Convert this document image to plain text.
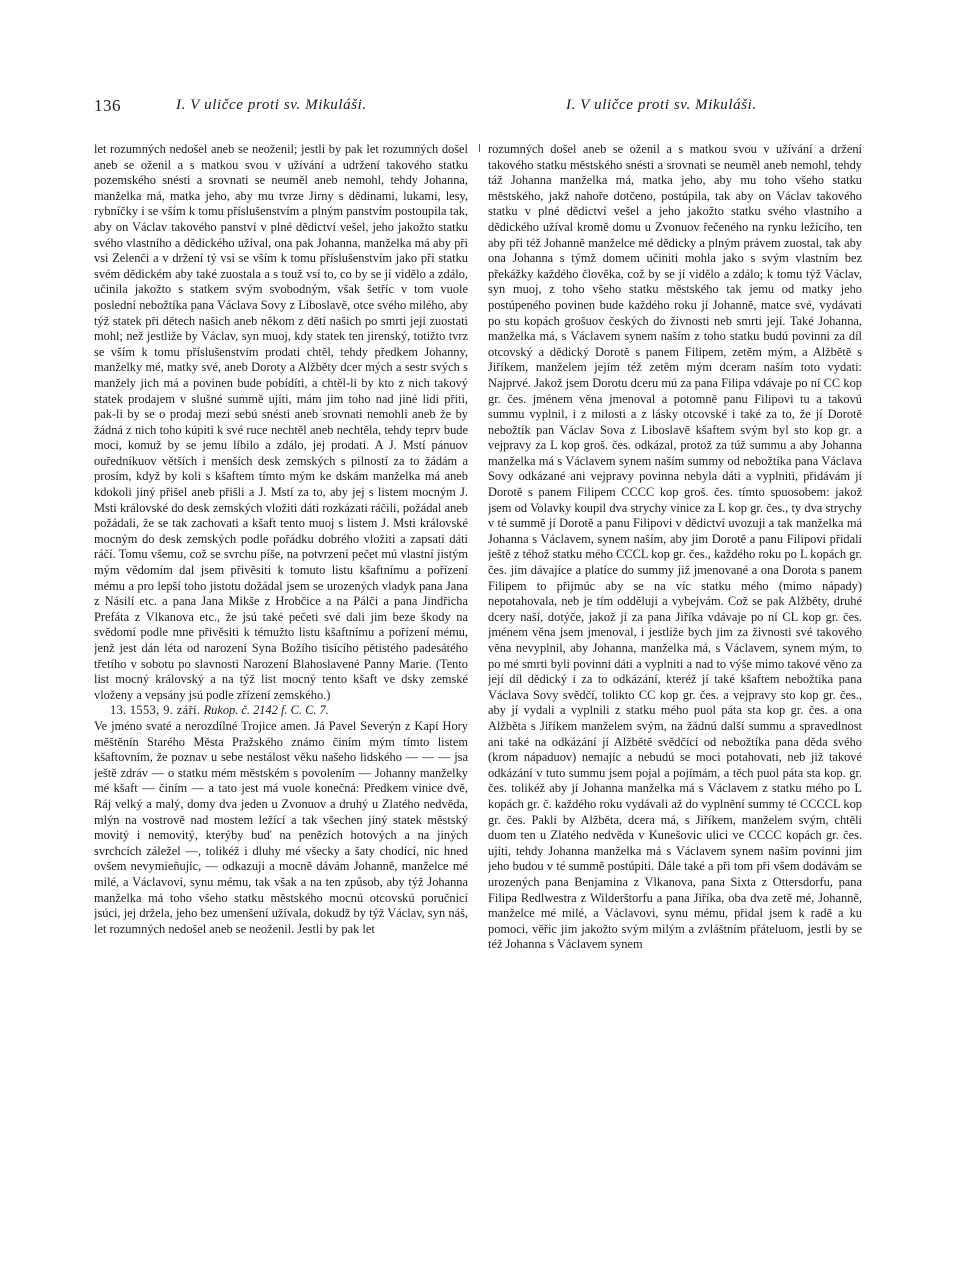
136	I. V uličce proti sv. Mikuláši.	I. V uličce proti sv. Mikuláši.

let rozumných nedošel aneb se neoženil; jestli by pak let rozumných došel aneb se oženil a s matkou svou v užívání a udržení takového statku pozemského snésti a srovnati se neuměl aneb nemohl, tehdy Johanna, manželka má, matka jeho, aby mu tvrze Jirny s dědinami, lukami, lesy, rybníčky i se vším k tomu příslušenstvím a plným panstvím postoupila tak, aby on Václav takového panství v plné dědictví vešel, jeho jakožto statku svého vlastního a dědického užíval, ona pak Johanna, manželka má aby při vsi Zelenči a v držení tý vsi se vším k tomu příslušenstvím jako při statku svém dědickém aby také zuostala a s touž vsí to, co by se jí vidělo a zdálo, učinila jakožto s statkem svým svobodným, však šetříc v tom vuole poslední nebožtíka pana Václava Sovy z Liboslavě, otce svého milého, aby týž statek při dětech našich aneb někom z dětí našich po smrti její zuostati mohl; než jestliže by Václav, syn muoj, kdy statek ten jirenský, totižto tvrz se vším k tomu příslušenstvím prodati chtěl, tehdy předkem Johanny, manželky mé, matky své, aneb Doroty a Alžběty dcer mých a sestr svých s manžely jich má a povinen bude pobídíti, a chtěl-li by kto z nich takový statek prodajem v slušné summě ujíti, mám jim toho nad jiné lidi přiti, pak-li by se o prodaj mezi sebú snésti aneb srovnati nemohli aneb že by žádná z nich toho kúpiti k své ruce nechtěl aneb nechtěla, tehdy teprv bude moci, komuž by se jemu líbilo a zdálo, jej prodati. A J. Mstí pánuov ouředníkuov větších i menších desk zemských s pilností za to žádám a prosím, když by koli s kšaftem tímto mým ke dskám manželka má aneb kdokoli jiný přišel aneb přišli a J. Mstí za to, aby jej s listem mocným J. Msti královské do desk zemských vložiti dáti rozkázati ráčili, požádal aneb požádali, že se tak zachovati a kšaft tento muoj s listem J. Msti královské mocným do desk zemských podle pořádku dobrého vložiti a zapsati dáti ráčí. Tomu všemu, což se svrchu píše, na potvrzení pečet mú vlastní jistým mým vědomím dal jsem přivěsiti k tomuto listu kšaftnímu a pořízení mému a pro lepší toho jistotu dožádal jsem se urozených vladyk pana Jana z Násilí etc. a pana Jana Mikše z Hrobčice a na Pálči a pana Jindřicha Prefáta z Vlkanova etc., že jsú také pečeti své dali jim beze škody na svědomí podle mne přivěsiti k témužto listu kšaftnímu a pořízení mému, jenž jest dán léta od narození Syna Božího tisícího pětistého padesátého třetího v sobotu po slavnosti Narození Blahoslavené Panny Marie. (Tento list mocný královský a na týž list mocný tento kšaft ve dsky zemské vloženy a vepsány jsú podle zřízení zemského.)

13. 1553, 9. září. Rukop. č. 2142 f. C. C. 7.

Ve jméno svaté a nerozdílné Trojice amen. Já Pavel Severýn z Kapí Hory měštěnín Starého Města Pražského známo činím mým tímto listem kšaftovním, že poznav u sebe nestálost věku našeho lidského — — — jsa ještě zdráv — o statku mém městském s povolením — Johanny manželky mé kšaft — činím — a tato jest má vuole konečná: Předkem vinice dvě, Ráj velký a malý, domy dva jeden u Zvonuov a druhý u Zlatého nedvěda, mlýn na vostrově nad mostem ležící a tak všechen jiný statek městský movitý i nemovitý, kterýby buď na penězích hotových a na jiných svrchcích záležel —, tolikéž i dluhy mé všecky a šaty chodící, nic hned ovšem nevymieňujíc, — odkazuji a mocně dávám Johanně, manželce mé milé, a Václavovi, synu mému, tak však a na ten způsob, aby týž Johanna manželka má toho všeho statku městského mocnú otcovskú poručnicí jsúci, jej držela, jeho bez umenšení užívala, dokudž by týž Václav, syn náš, let rozumných nedošel aneb se neoženil. Jestli by pak let

rozumných došel aneb se oženil a s matkou svou v užívání a držení takového statku městského snésti a srovnati se neuměl aneb nemohl, tehdy táž Johanna manželka má, matka jeho, aby mu toho všeho statku městského, jakž nahoře dotčeno, postúpila, tak aby on Václav takového statku v plné dědictví vešel a jeho jakožto statku svého vlastního a dědického užíval kromě domu u Zvonuov řečeného na rynku ležícího, ten aby při též Johanně manželce mé dědicky a plným právem zuostal, tak aby ona Johanna s týmž domem učiniti mohla jako s svým vlastním bez překážky každého člověka, což by se jí vidělo a zdálo; k tomu týž Václav, syn muoj, z toho všeho statku městského tak jemu od matky jeho postúpeného povinen bude každého roku jí Johanně, matce své, vydávati po stu kopách grošuov českých do živnosti neb smrti její. Také Johanna, manželka má, s Václavem synem naším z toho statku budú povinni za díl otcovský a dědický Dorotě s panem Filipem, zetěm mým, a Alžbětě s Jiříkem, manželem jejím též zetěm mým dceram naším toto vydati: Najprvé. Jakož jsem Dorotu dceru mú za pana Filipa vdávaje po ní CC kop gr. čes. jménem věna jmenoval a potomně panu Filipovi tu a takovú summu vyplnil, i z milosti a z lásky otcovské i také za to, že jí Dorotě nebožtík pan Václav Sova z Liboslavě kšaftem svým byl sto kop gr. a vejpravy za L kop groš. čes. odkázal, protož za túž summu a aby Johanna manželka má s Václavem synem naším summy od nebožtíka pana Václava Sovy odkázané ani vejpravy povinna nebyla dáti a vyplniti, přidávám jí Dorotě s panem Filipem CCCC kop groš. čes. tímto spuosobem: jakož jsem od Volavky koupil dva strychy vinice za L kop gr. čes., ty dva strychy v té summě jí Dorotě a panu Filipovi v dědictví uvozuji a tak manželka má Johanna s Václavem, synem naším, aby jim Dorotě a panu Filipovi přidali ještě z téhož statku mého CCCL kop gr. čes., každého roku po L kopách gr. čes. jim dávajíce a platíce do summy již jmenované a ona Dorota s panem Filipem to přijmúc aby se na víc statku mého (mimo nápady) nepotahovala, neb je tím odděluji a vybejvám. Což se pak Alžběty, druhé dcery naší, dotýče, jakož jí za pana Jiříka vdávaje po ní CL kop gr. čes. jménem věna jsem jmenoval, i jestliže bych jim za živnosti své takového věna nevyplnil, aby Johanna, manželka má, s Václavem, synem mým, to po mé smrti byli povinni dáti a vyplniti a nad to výše mimo takové věno za její díl dědický i za to odkázání, kteréž jí také kšaftem nebožtíka pana Václava Sovy svědčí, tolikto CC kop gr. čes. a vejpravy sto kop gr. čes., aby jí vydali a vyplnili z statku mého puol páta sta kop gr. čes. a ona Alžběta s Jiříkem manželem svým, na žádnú další summu a spravedlnost ani také na odkázání jí Alžbětě svědčící od nebožtíka pana děda svého (krom nápaduov) nemajíc a nebudú se moci potahovati, neb již takové odkázání v tuto summu jsem pojal a pojímám, a těch puol páta sta kop. gr. čes. tolikéž aby jí Johanna manželka má s Václavem z statku mého po L kopách gr. č. každého roku vydávali až do vyplnění summy té CCCCL kop gr. čes. Pakli by Alžběta, dcera má, s Jiříkem, manželem svým, chtěli duom ten u Zlatého nedvěda v Kunešovic ulici ve CCCC kopách gr. čes. ujíti, tehdy Johanna manželka má s Václavem synem naším povinni jim jeho budou v té summě postúpiti. Dále také a při tom při všem dodávám se urozených pana Benjamina z Vlkanova, pana Sixta z Ottersdorfu, pana Filipa Redlwestra z Wilderštorfu a pana Jiříka, oba dva zetě mé, Johanně, manželce mé milé, a Václavovi, synu mému, přidal jsem k radě a ku pomoci, věřic jim jakožto svým milým a zvláštním přáteluom, jestli by se též Johanna s Václavem synem
